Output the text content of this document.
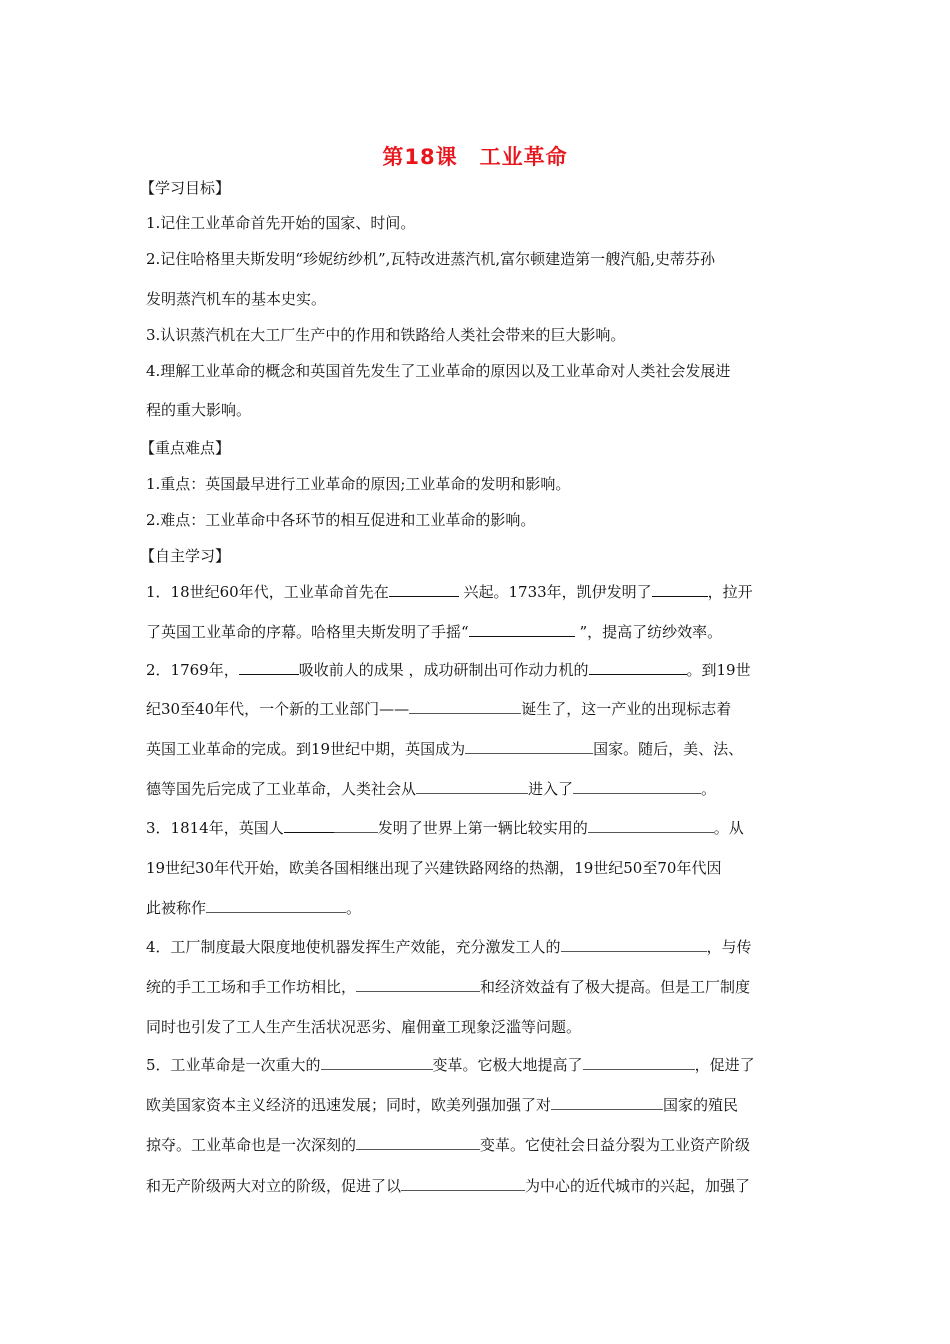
第18课　工业革命
【学习目标】
1.记住工业革命首先开始的国家、时间。
2.记住哈格里夫斯发明“珍妮纺纱机”,瓦特改进蒸汽机,富尔顿建造第一艘汽船,史蒂芬孙
发明蒸汽机车的基本史实。
3.认识蒸汽机在大工厂生产中的作用和铁路给人类社会带来的巨大影响。
4.理解工业革命的概念和英国首先发生了工业革命的原因以及工业革命对人类社会发展进
程的重大影响。
【重点难点】
1.重点：英国最早进行工业革命的原因;工业革命的发明和影响。
2.难点：工业革命中各环节的相互促进和工业革命的影响。
【自主学习】
1．18世纪60年代，工业革命首先在	兴起。1733年，凯伊发明了	，拉开
了英国工业革命的序幕。哈格里夫斯发明了手摇“	”，提高了纺纱效率。
2．1769年，	吸收前人的成果 ，成功研制出可作动力机的	。到19世
纪30至40年代，一个新的工业部门——	诞生了，这一产业的出现标志着
英国工业革命的完成。到19世纪中期，英国成为	国家。随后，美、法、
德等国先后完成了工业革命，人类社会从	进入了	。
3．1814年，英国人	发明了世界上第一辆比较实用的	。从
19世纪30年代开始，欧美各国相继出现了兴建铁路网络的热潮，19世纪50至70年代因
此被称作	。
4．工厂制度最大限度地使机器发挥生产效能，充分激发工人的	，与传
统的手工工场和手工作坊相比，	和经济效益有了极大提高。但是工厂制度
同时也引发了工人生产生活状况恶劣、雇佣童工现象泛滥等问题。
5．工业革命是一次重大的	变革。它极大地提高了	，促进了
欧美国家资本主义经济的迅速发展；同时，欧美列强加强了对	国家的殖民
掠夺。工业革命也是一次深刻的	变革。它使社会日益分裂为工业资产阶级
和无产阶级两大对立的阶级，促进了以	为中心的近代城市的兴起，加强了
